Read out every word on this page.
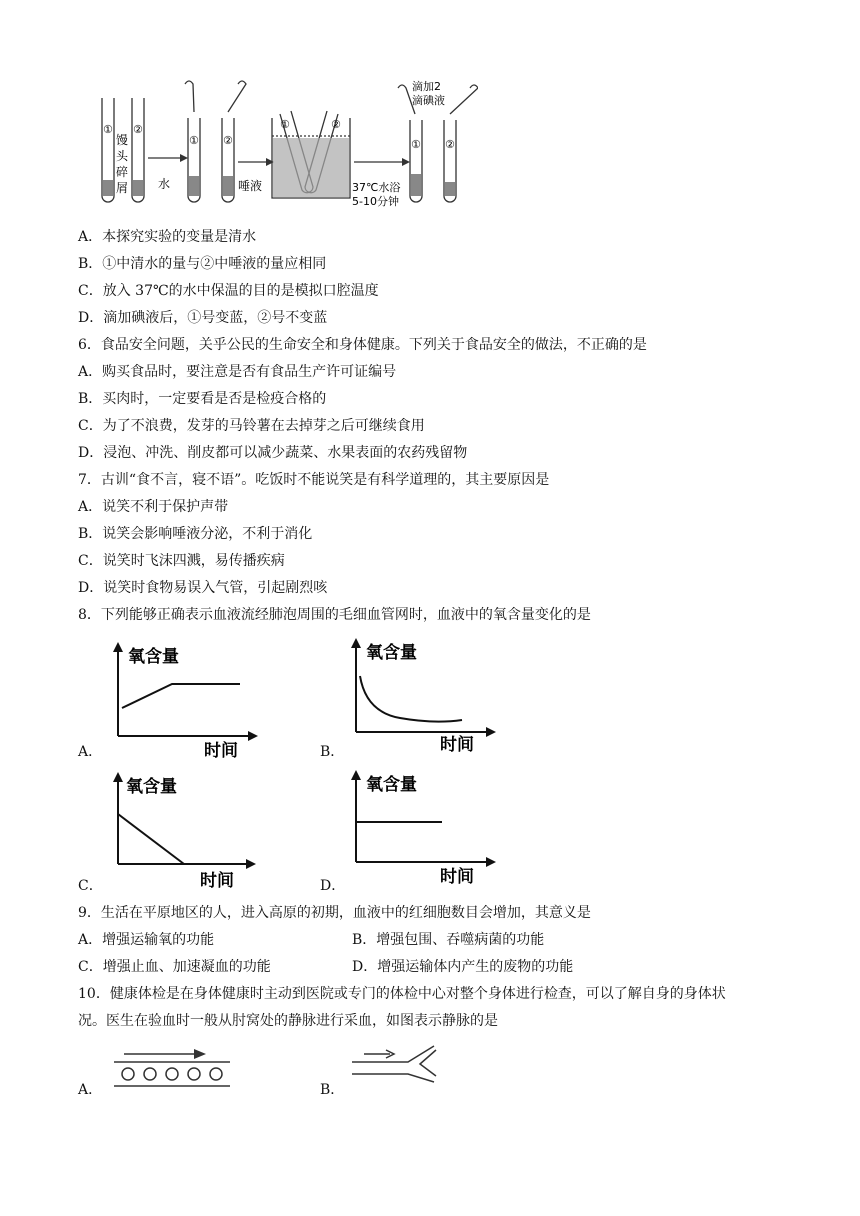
① ②
① ②
①	②
① ②
馒 头 碎 屑	水	唾液	37℃水浴
5-10分钟
滴加2
滴碘液
A．本探究实验的变量是清水
B．①中清水的量与②中唾液的量应相同
C．放入 37℃的水中保温的目的是模拟口腔温度
D．滴加碘液后，①号变蓝，②号不变蓝
6．食品安全问题，关乎公民的生命安全和身体健康。下列关于食品安全的做法，不正确的是
A．购买食品时，要注意是否有食品生产许可证编号
B．买肉时，一定要看是否是检疫合格的
C．为了不浪费，发芽的马铃薯在去掉芽之后可继续食用
D．浸泡、冲洗、削皮都可以减少蔬菜、水果表面的农药残留物
7．古训“食不言，寝不语”。吃饭时不能说笑是有科学道理的，其主要原因是
A．说笑不利于保护声带
B．说笑会影响唾液分泌，不利于消化
C．说笑时飞沫四溅，易传播疾病
D．说笑时食物易误入气管，引起剧烈咳
8．下列能够正确表示血液流经肺泡周围的毛细血管网时，血液中的氧含量变化的是
氧含量
时间
A．
氧含量
时间
B．
氧含量
时间
C．
氧含量
时间
D．
9．生活在平原地区的人，进入高原的初期，血液中的红细胞数目会增加，其意义是
A．增强运输氧的功能	B．增强包围、吞噬病菌的功能
C．增强止血、加速凝血的功能	D．增强运输体内产生的废物的功能
10．健康体检是在身体健康时主动到医院或专门的体检中心对整个身体进行检查，可以了解自身的身体状
况。医生在验血时一般从肘窝处的静脉进行采血，如图表示静脉的是
A．	B．
